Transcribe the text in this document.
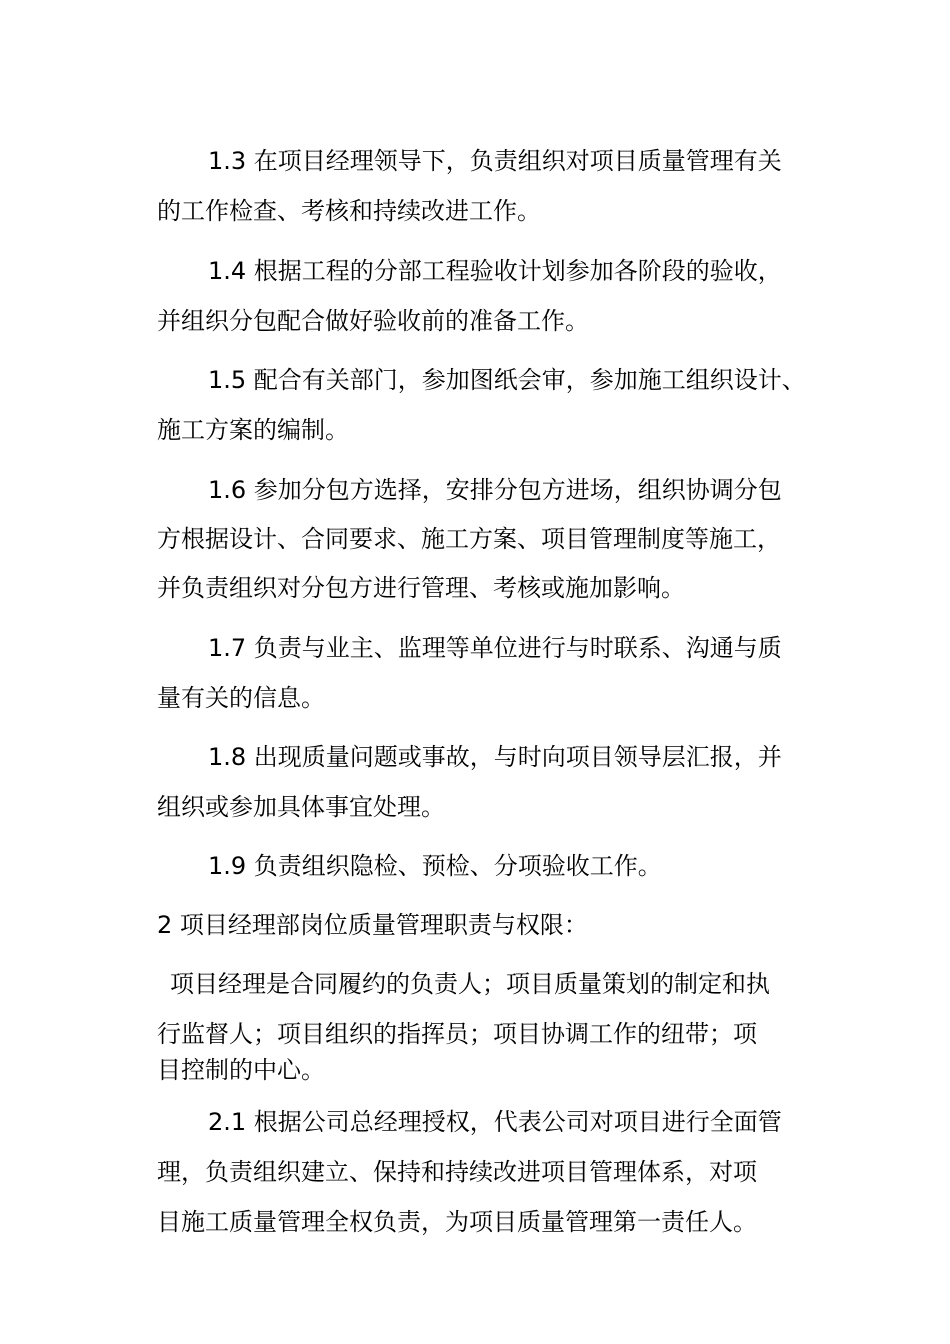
1.3 在项目经理领导下，负责组织对项目质量管理有关
的工作检查、考核和持续改进工作。
1.4 根据工程的分部工程验收计划参加各阶段的验收，
并组织分包配合做好验收前的准备工作。
1.5 配合有关部门，参加图纸会审，参加施工组织设计、
施工方案的编制。
1.6 参加分包方选择，安排分包方进场，组织协调分包
方根据设计、合同要求、施工方案、项目管理制度等施工，
并负责组织对分包方进行管理、考核或施加影响。
1.7 负责与业主、监理等单位进行与时联系、沟通与质
量有关的信息。
1.8 出现质量问题或事故，与时向项目领导层汇报，并
组织或参加具体事宜处理。
1.9 负责组织隐检、预检、分项验收工作。
2 项目经理部岗位质量管理职责与权限：
项目经理是合同履约的负责人；项目质量策划的制定和执
行监督人；项目组织的指挥员；项目协调工作的纽带；项
目控制的中心。
2.1 根据公司总经理授权，代表公司对项目进行全面管
理，负责组织建立、保持和持续改进项目管理体系，对项
目施工质量管理全权负责，为项目质量管理第一责任人。
